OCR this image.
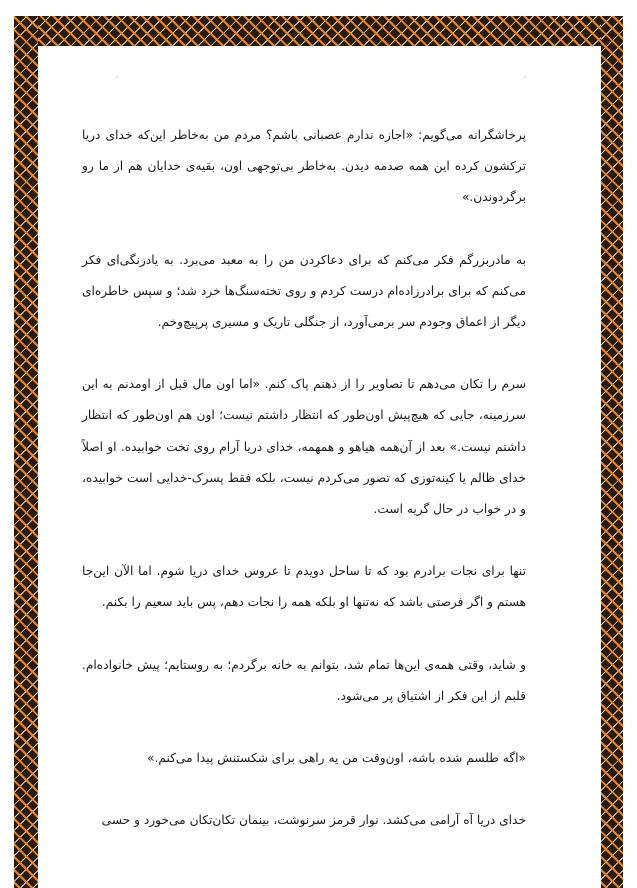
پرخاشگرانه می‌گویم: «اجازه ندارم عصبانی باشم؟ مردم من به‌خاطر این‌که خدای دریا ترکشون کرده این همه صدمه دیدن. به‌خاطر بی‌توجهی اون، بقیه‌ی خدایان هم از ما رو برگردوندن.»

به مادربزرگم فکر می‌کنم که برای دعاکردن من را به معبد می‌برد. به یادزنگی‌ای فکر می‌کنم که برای برادرزاده‌ام درست کردم و روی تخته‌سنگ‌ها خرد شد؛ و سپس خاطره‌ای دیگر از اعماق وجودم سر برمی‌آورد، از جنگلی تاریک و مسیری پرپیچ‌وخم.

سرم را تکان می‌دهم تا تصاویر را از ذهنم پاک کنم. «اما اون مال قبل از اومدنم به این سرزمینه، جایی که هیچ‌پیش اون‌طور که انتظار داشتم نیست؛ اون هم اون‌طور که انتظار داشتم نیست.» بعد از آن‌همه هیاهو و همهمه، خدای دریا آرام روی تخت خوابیده. او اصلاً خدای ظالم یا کینه‌توزی که تصور می‌کردم نیست، بلکه فقط پسرک-خدایی است خوابیده، و در خواب در حال گریه است.

تنها برای نجات برادرم بود که تا ساحل دویدم تا عروس خدای دریا شوم. اما الآن این‌جا هستم و اگر فرصتی باشد که نه‌تنها او بلکه همه را نجات دهم، پس باید سعیم را بکنم.

و شاید، وقتی همه‌ی این‌ها تمام شد، بتوانم به خانه برگردم؛ به روستایم؛ پیش خانواده‌ام. قلبم از این فکر از اشتیاق پر می‌شود.

«اگه طلسم شده باشه، اون‌وقت من یه راهی برای شکستنش پیدا می‌کنم.»

خدای دریا آه آرامی می‌کشد. نوار قرمز سرنوشت، بینمان تکان‌تکان می‌خورد و حسی
